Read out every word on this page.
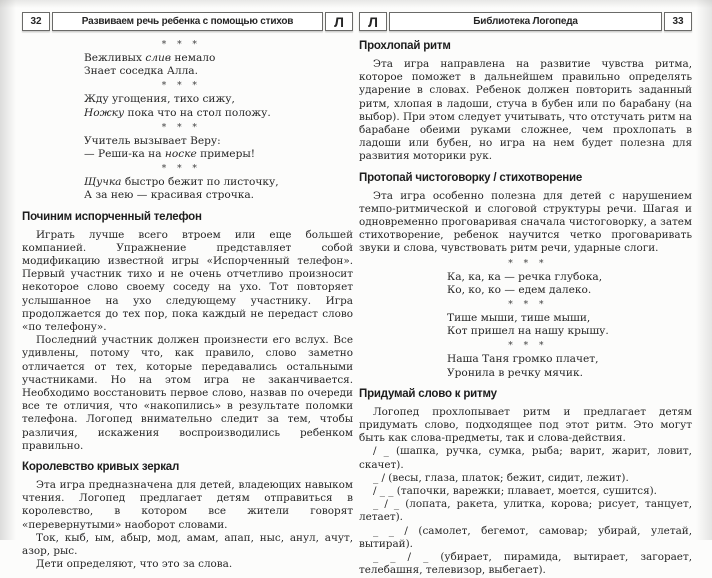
32	Развиваем речь ребенка с помощью стихов	Л
* * *
Вежливых слив немало
Знает соседка Алла.
* * *
Жду угощения, тихо сижу,
Ножку пока что на стол положу.
* * *
Учитель вызывает Веру:
— Реши-ка на носке примеры!
* * *
Щучка быстро бежит по листочку,
А за нею — красивая строчка.
Починим испорченный телефон

Играть лучше всего втроем или еще большей компанией. Упражнение представляет собой модификацию известной игры «Испорченный телефон». Первый участник тихо и не очень отчетливо произносит некоторое слово своему соседу на ухо. Тот повторяет услышанное на ухо следующему участнику. Игра продолжается до тех пор, пока каждый не передаст слово «по телефону».

Последний участник должен произнести его вслух. Все удивлены, потому что, как правило, слово заметно отличается от тех, которые передавались остальными участниками. Но на этом игра не заканчивается. Необходимо восстановить первое слово, назвав по очереди все те отличия, что «накопились» в результате поломки телефона. Логопед внимательно следит за тем, чтобы различия, искажения воспроизводились ребенком правильно.

Королевство кривых зеркал

Эта игра предназначена для детей, владеющих навыком чтения. Логопед предлагает детям отправиться в королевство, в котором все жители говорят «перевернутыми» наоборот словами.

Ток, кыб, ым, абыр, мод, амам, апап, ныс, анул, ачут, азор, рыс.

Дети определяют, что это за слова.

Л	Библиотека Логопеда	33
Прохлопай ритм

Эта игра направлена на развитие чувства ритма, которое поможет в дальнейшем правильно определять ударение в словах. Ребенок должен повторить заданный ритм, хлопая в ладоши, стуча в бубен или по барабану (на выбор). При этом следует учитывать, что отстучать ритм на барабане обеими руками сложнее, чем прохлопать в ладоши или бубен, но игра на нем будет полезна для развития моторики рук.

Протопай чистоговорку / стихотворение

Эта игра особенно полезна для детей с нарушением темпо-ритмической и слоговой структуры речи. Шагая и одновременно проговаривая сначала чистоговорку, а затем стихотворение, ребенок научится четко проговаривать звуки и слова, чувствовать ритм речи, ударные слоги.

* * *
Ка, ка, ка — речка глубока,
Ко, ко, ко — едем далеко.
* * *
Тише мыши, тише мыши,
Кот пришел на нашу крышу.
* * *
Наша Таня громко плачет,
Уронила в речку мячик.
Придумай слово к ритму

Логопед прохлопывает ритм и предлагает детям придумать слово, подходящее под этот ритм. Это могут быть как слова-предметы, так и слова-действия.

/ _ (шапка, ручка, сумка, рыба; варит, жарит, ловит, скачет).

_ / (весы, глаза, платок; бежит, сидит, лежит).

/ _ _ (тапочки, варежки; плавает, моется, сушится).

_ / _ (лопата, ракета, улитка, корова; рисует, танцует, летает).

_ _ / (самолет, бегемот, самовар; убирай, улетай, вытирай).

_ _ / _ (убирает, пирамида, вытирает, загорает, телебашня, телевизор, выбегает).
